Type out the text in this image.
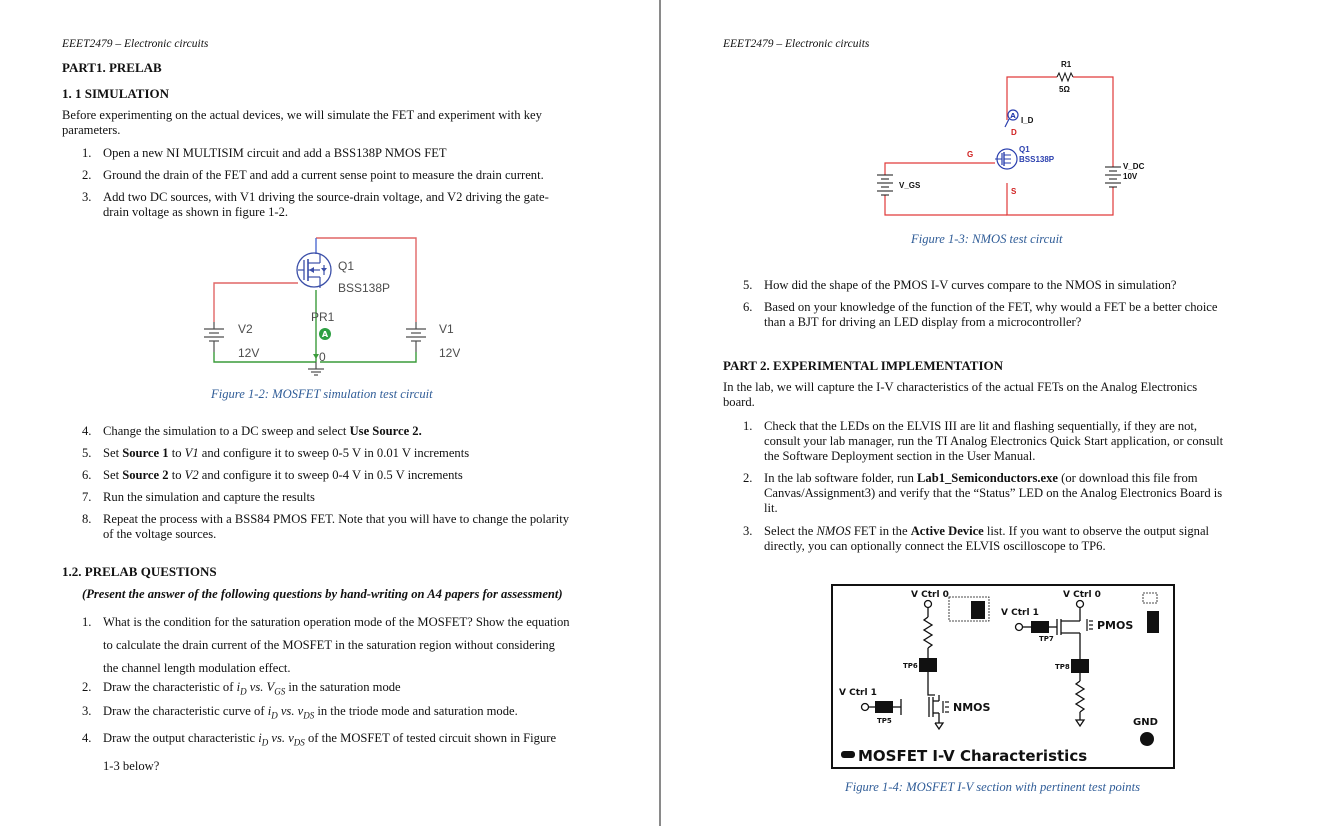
EEET2479 – Electronic circuits
PART1. PRELAB
1. 1 SIMULATION
Before experimenting on the actual devices, we will simulate the FET and experiment with key parameters.
1. Open a new NI MULTISIM circuit and add a BSS138P NMOS FET
2. Ground the drain of the FET and add a current sense point to measure the drain current.
3. Add two DC sources, with V1 driving the source-drain voltage, and V2 driving the gate-
drain voltage as shown in figure 1-2.
Q1
BSS138P
PR1
A
0
V2
12V
V1
12V
Figure 1-2: MOSFET simulation test circuit
4. Change the simulation to a DC sweep and select Use Source 2.
5. Set Source 1 to V1 and configure it to sweep 0-5 V in 0.01 V increments
6. Set Source 2 to V2 and configure it to sweep 0-4 V in 0.5 V increments
7. Run the simulation and capture the results
8. Repeat the process with a BSS84 PMOS FET. Note that you will have to change the polarity
of the voltage sources.
1.2. PRELAB QUESTIONS
(Present the answer of the following questions by hand-writing on A4 papers for assessment)
1. What is the condition for the saturation operation mode of the MOSFET? Show the equation
to calculate the drain current of the MOSFET in the saturation region without considering
the channel length modulation effect.
2. Draw the characteristic of $i_D$ vs. $V_{GS}$ in the saturation mode
3. Draw the characteristic curve of $i_D$ vs. $v_{DS}$ in the triode mode and saturation mode.
4. Draw the output characteristic $i_D$ vs. $v_{DS}$ of the MOSFET of tested circuit shown in Figure
1-3 below?
EEET2479 – Electronic circuits
R1
5Ω
A I_D
D
G
Q1
BSS138P
S
V_GS
V_DC
10V
Figure 1-3: NMOS test circuit
5. How did the shape of the PMOS I-V curves compare to the NMOS in simulation?
6. Based on your knowledge of the function of the FET, why would a FET be a better choice
than a BJT for driving an LED display from a microcontroller?
PART 2. EXPERIMENTAL IMPLEMENTATION
In the lab, we will capture the I-V characteristics of the actual FETs on the Analog Electronics
board.
1. Check that the LEDs on the ELVIS III are lit and flashing sequentially, if they are not,
consult your lab manager, run the TI Analog Electronics Quick Start application, or consult
the Software Deployment section in the User Manual.
2. In the lab software folder, run Lab1_Semiconductors.exe (or download this file from
Canvas/Assignment3) and verify that the “Status” LED on the Analog Electronics Board is
lit.
3. Select the NMOS FET in the Active Device list. If you want to observe the output signal
directly, you can optionally connect the ELVIS oscilloscope to TP6.
V Ctrl 0
TP6
NMOS
V Ctrl 1
TP5
V Ctrl 0
V Ctrl 1
TP7
PMOS
TP8
GND
MOSFET I-V Characteristics
Figure 1-4: MOSFET I-V section with pertinent test points
